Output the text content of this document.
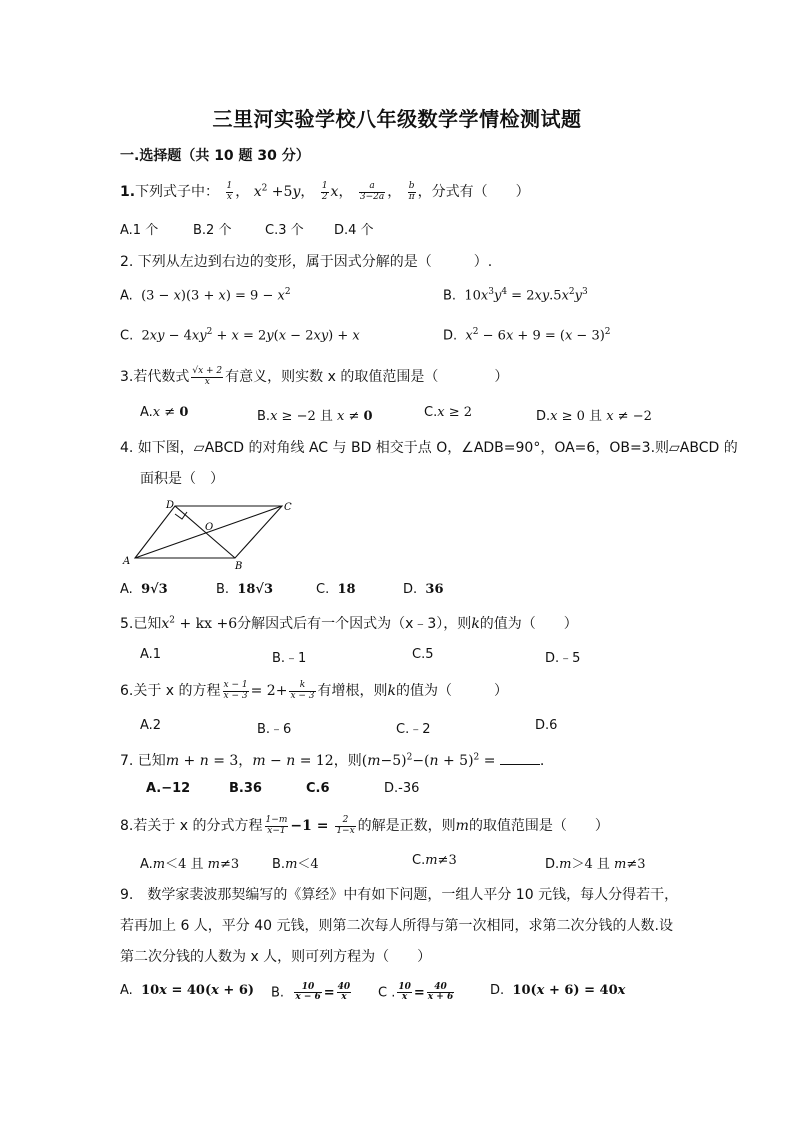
三里河实验学校八年级数学学情检测试题
一.选择题（共 10 题 30 分）
1.下列式子中： $\frac{1}{x}$ ， $x^2 +5y$， $\frac{1}{2}$ x， $\frac{a}{3-2a}$ ， $\frac{b}{\pi}$ ，分式有（　　）
A.1 个	B.2 个	C.3 个 D.4 个
2. 下列从左边到右边的变形，属于因式分解的是（　　　）.
A. $(3 - x)(3 + x) = 9 - x^2$	B. $10x^3y^4 = 2xy.5x^2y^3$
C. $2xy - 4xy^2 + x = 2y(x - 2xy) + x$	D. $x^2 - 6x + 9 = (x - 3)^2$
3.若代数式 $\frac{√x + 2}{x}$ 有意义，则实数 x 的取值范围是（　　　　）
A.x ≠ 0	B.x ≥ −2 且 x ≠ 0	C.x ≥ 2	D.x ≥ 0 且 x ≠ −2
4. 如下图，▱ABCD 的对角线 AC 与 BD 相交于点 O，∠ADB=90°，OA=6，OB=3.则▱ABCD 的
面积是（　）
A	B
C
D
O
A. 9√3	B. 18√3	C. 18	D. 36
5.已知$x^2$ + kx +6分解因式后有一个因式为（x﹣3），则k的值为（　　）
A.1	B.﹣1	C.5	D.﹣5
6.关于 x 的方程 $\frac{x - 1}{x - 3} = 2+ \frac{k}{x - 3}$ 有增根，则k的值为（　　　）
A.2	B.﹣6	C.﹣2	D.6
7. 已知m + n = 3，m − n = 12，则$(m-5)^2-(n + 5)^2$ =	.
A.−12	B.36	C.6	D.-36
8.若关于 x 的分式方程 $\frac{1-m}{x-1} -1 = \frac{2}{1-x}$ 的解是正数，则m的取值范围是（　　）
A.m＜4 且 m≠3	B.m＜4	C.m≠3	D.m＞4 且 m≠3
9.　数学家裴波那契编写的《算经》中有如下问题，一组人平分 10 元钱，每人分得若干，
若再加上 6 人，平分 40 元钱，则第二次每人所得与第一次相同，求第二次分钱的人数.设
第二次分钱的人数为 x 人，则可列方程为（　　）
A. 10x = 40(x + 6) B. $\frac{10}{x - 6} = \frac{40}{x}$ C . $\frac{10}{x} = \frac{40}{x + 6}$	D. 10(x + 6) = 40x
